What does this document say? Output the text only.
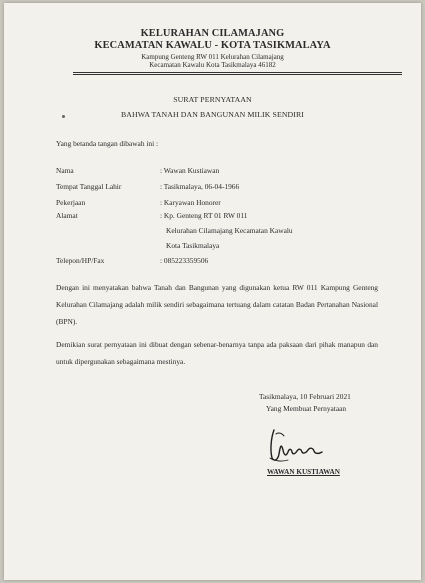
KELURAHAN CILAMAJANG
KECAMATAN KAWALU - KOTA TASIKMALAYA
Kampung Genteng RW 011 Kelurahan Cilamajang
Kecamatan Kawalu Kota Tasikmalaya 46182
SURAT PERNYATAAN
BAHWA TANAH DAN BANGUNAN MILIK SENDIRI
Yang betanda tangan dibawah ini :
Nama	: Wawan Kustiawan
Tempat Tanggal Lahir	: Tasikmalaya, 06-04-1966
Pekerjaan	: Karyawan Honorer
Alamat	: Kp. Genteng RT 01 RW 011
Kelurahan Cilamajang Kecamatan Kawalu
Kota Tasikmalaya
Telepon/HP/Fax	: 085223359506
Dengan ini menyatakan bahwa Tanah dan Bangunan yang digunakan ketua RW 011 Kampung Genteng Kelurahan Cilamajang adalah milik sendiri sebagaimana tertuang dalam catatan Badan Pertanahan Nasional (BPN).
Demikian surat pernyataan ini dibuat dengan sebenar-benarnya tanpa ada paksaan dari pihak manapun dan untuk dipergunakan sebagaimana mestinya.
Tasikmalaya, 10 Februari 2021
Yang Membuat Pernyataan
WAWAN KUSTIAWAN
